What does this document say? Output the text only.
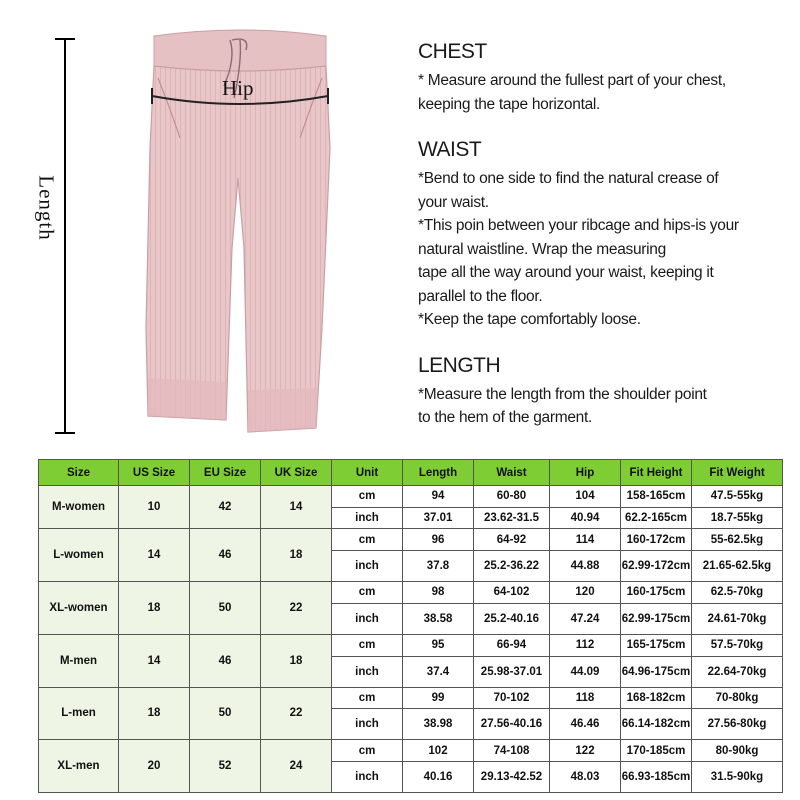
Length
Hip
CHEST

* Measure around the fullest part of your chest,

keeping the tape horizontal.

WAIST

*Bend to one side to find the natural crease of

your waist.

*This poin between your ribcage and hips-is your

natural waistline. Wrap the measuring

tape all the way around your waist, keeping it

parallel to the floor.

*Keep the tape comfortably loose.

LENGTH

*Measure the length from the shoulder point

to the hem of the garment.

Size	US Size	EU Size	UK Size	Unit	Length	Waist	Hip	Fit Height	Fit Weight
M-women	10	42	14	cm	94	60-80	104	158-165cm	47.5-55kg
				inch	37.01	23.62-31.5	40.94	62.2-165cm	18.7-55kg
L-women	14	46	18	cm	96	64-92	114	160-172cm	55-62.5kg
				inch	37.8	25.2-36.22	44.88	62.99-172cm	21.65-62.5kg
XL-women	18	50	22	cm	98	64-102	120	160-175cm	62.5-70kg
				inch	38.58	25.2-40.16	47.24	62.99-175cm	24.61-70kg
M-men	14	46	18	cm	95	66-94	112	165-175cm	57.5-70kg
				inch	37.4	25.98-37.01	44.09	64.96-175cm	22.64-70kg
L-men	18	50	22	cm	99	70-102	118	168-182cm	70-80kg
				inch	38.98	27.56-40.16	46.46	66.14-182cm	27.56-80kg
XL-men	20	52	24	cm	102	74-108	122	170-185cm	80-90kg
				inch	40.16	29.13-42.52	48.03	66.93-185cm	31.5-90kg
